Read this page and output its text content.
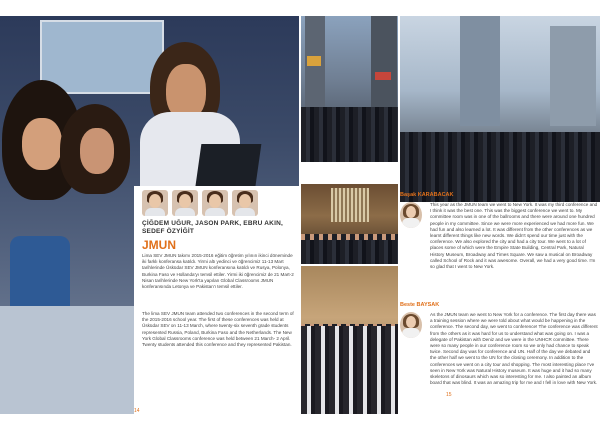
ÇİĞDEM UĞUR, JASON PARK, EBRU AKIN, SEDEF ÖZYİĞİT
JMUN
Lima SEV JMUN takımı 2015-2016 eğitim öğretim yılının ikinci döneminde iki farklı konferansa katıldı. Yirmi altı yedinci ve öğrencimiz 11-13 Mart tarihlerinde Üsküdar SEV JMUN konferansına katıldı ve Rusya, Polonya, Burkina Faso ve Hollanda'yı temsil ettiler. Yirmi iki öğrencimiz de 21 Mart-2 Nisan tarihlerinde New York'ta yapılan Global Classrooms JMUN konferansında Letonya ve Pakistan'ı temsil ettiler.
The lima SEV JMUN team attended two conferences in the second term of the 2015-2016 school year. The first of these conferences was held at Üsküdar SEV on 11-13 March, where twenty-six seventh grade students represented Russia, Poland, Burkina Faso and the Netherlands. The New York Global Classrooms conference was held between 21 March- 2 April. Twenty students attended this conference and they represented Pakistan.
14
Başak KARABACAK
This year as the JMUN team we went to New York. It was my third conference and I think it was the best one. This was the biggest conference we went to. My committee room was in one of the ballrooms and there were around one hundred people in my committee. Since we were more experienced we had more fun. We had fun and also learned a lot. It was different from the other conferences as we learnt different things like new words. We didn't spend our time just with the conference. We also explored the city and had a city tour. We went to a lot of places some of which were the Empire State Building, Central Park, Natural History Museum, Broadway and Times Square. We saw a musical on Broadway called School of Rock and it was awesome. Overall, we had a very good time. I'm so glad that I went to New York.
Beste BAYSAK
As the JMUN team we went to New York for a conference. The first day there was a training session where we were told about what would be happening in the conference. The second day, we went to conference! The conference was different from the others as it was hard for us to understand what was going on. I was a delegate of Pakistan with Deniz and we were in the UNHCR committee. There were so many people in our conference room so we only had chance to speak twice. Second day was for conference and UN. Half of the day we debated and the other half we went to the UN for the closing ceremony. In addition to the conferences we went on a city tour and shopping. The most interesting place I've seen in New York was Natural History museum. It was huge and it had so many skeletons of dinosaurs which was so interesting for me. I also painted an album board that was blind. It was an amazing trip for me and I fell in love with New York.
15
